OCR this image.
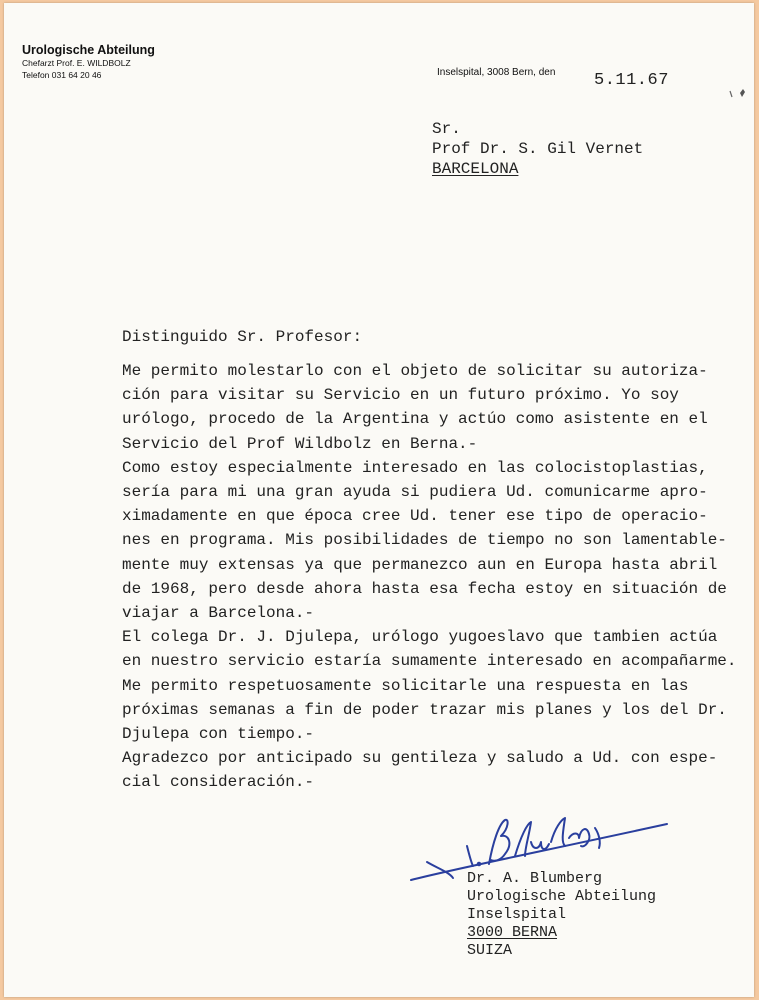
Urologische Abteilung
Chefarzt Prof. E. WILDBOLZ
Telefon 031 64 20 46	Inselspital, 3008 Bern, den 5.11.67
Sr.
Prof Dr. S. Gil Vernet
BARCELONA
Distinguido Sr. Profesor:
Me permito molestarlo con el objeto de solicitar su autoriza-
ción para visitar su Servicio en un futuro próximo. Yo soy
urólogo, procedo de la Argentina y actúo como asistente en el
Servicio del Prof Wildbolz en Berna.-
Como estoy especialmente interesado en las colocistoplastias,
sería para mi una gran ayuda si pudiera Ud. comunicarme apro-
ximadamente en que época cree Ud. tener ese tipo de operacio-
nes en programa. Mis posibilidades de tiempo no son lamentable-
mente muy extensas ya que permanezco aun en Europa hasta abril
de 1968, pero desde ahora hasta esa fecha estoy en situación de
viajar a Barcelona.-
El colega Dr. J. Djulepa, urólogo yugoeslavo que tambien actúa
en nuestro servicio estaría sumamente interesado en acompañarme.
Me permito respetuosamente solicitarle una respuesta en las
próximas semanas a fin de poder trazar mis planes y los del Dr.
Djulepa con tiempo.-
Agradezco por anticipado su gentileza y saludo a Ud. con espe-
cial consideración.-
Dr. A. Blumberg
Urologische Abteilung
Inselspital
3000 BERNA
SUIZA
